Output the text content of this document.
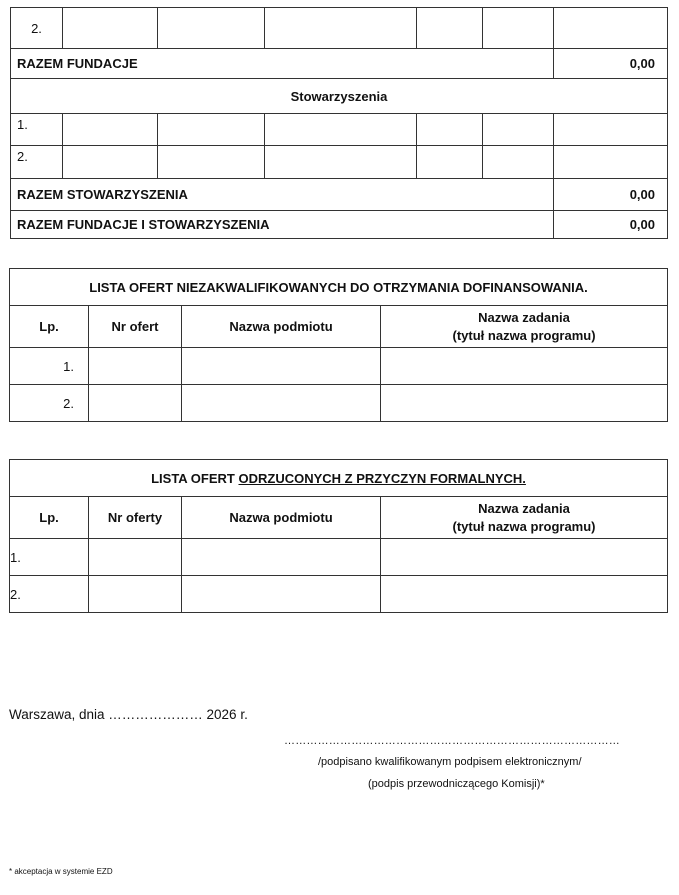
2.						
RAZEM FUNDACJE						0,00
Stowarzyszenia						
1.						
2.						
RAZEM STOWARZYSZENIA						0,00
RAZEM FUNDACJE I STOWARZYSZENIA						0,00
LISTA OFERT NIEZAKWALIFIKOWANYCH DO OTRZYMANIA DOFINANSOWANIA.			
Lp.	Nr ofert	Nazwa podmiotu	Nazwa zadania
(tytuł nazwa programu)

1.			
2.			
LISTA OFERT ODRZUCONYCH Z PRZYCZYN FORMALNYCH.			
Lp.	Nr oferty	Nazwa podmiotu	Nazwa zadania
(tytuł nazwa programu)

1.			
2.			
Warszawa, dnia ………………… 2026 r.
………………………………………………………………………………
/podpisano kwalifikowanym podpisem elektronicznym/
(podpis przewodniczącego Komisji)*
* akceptacja w systemie EZD
